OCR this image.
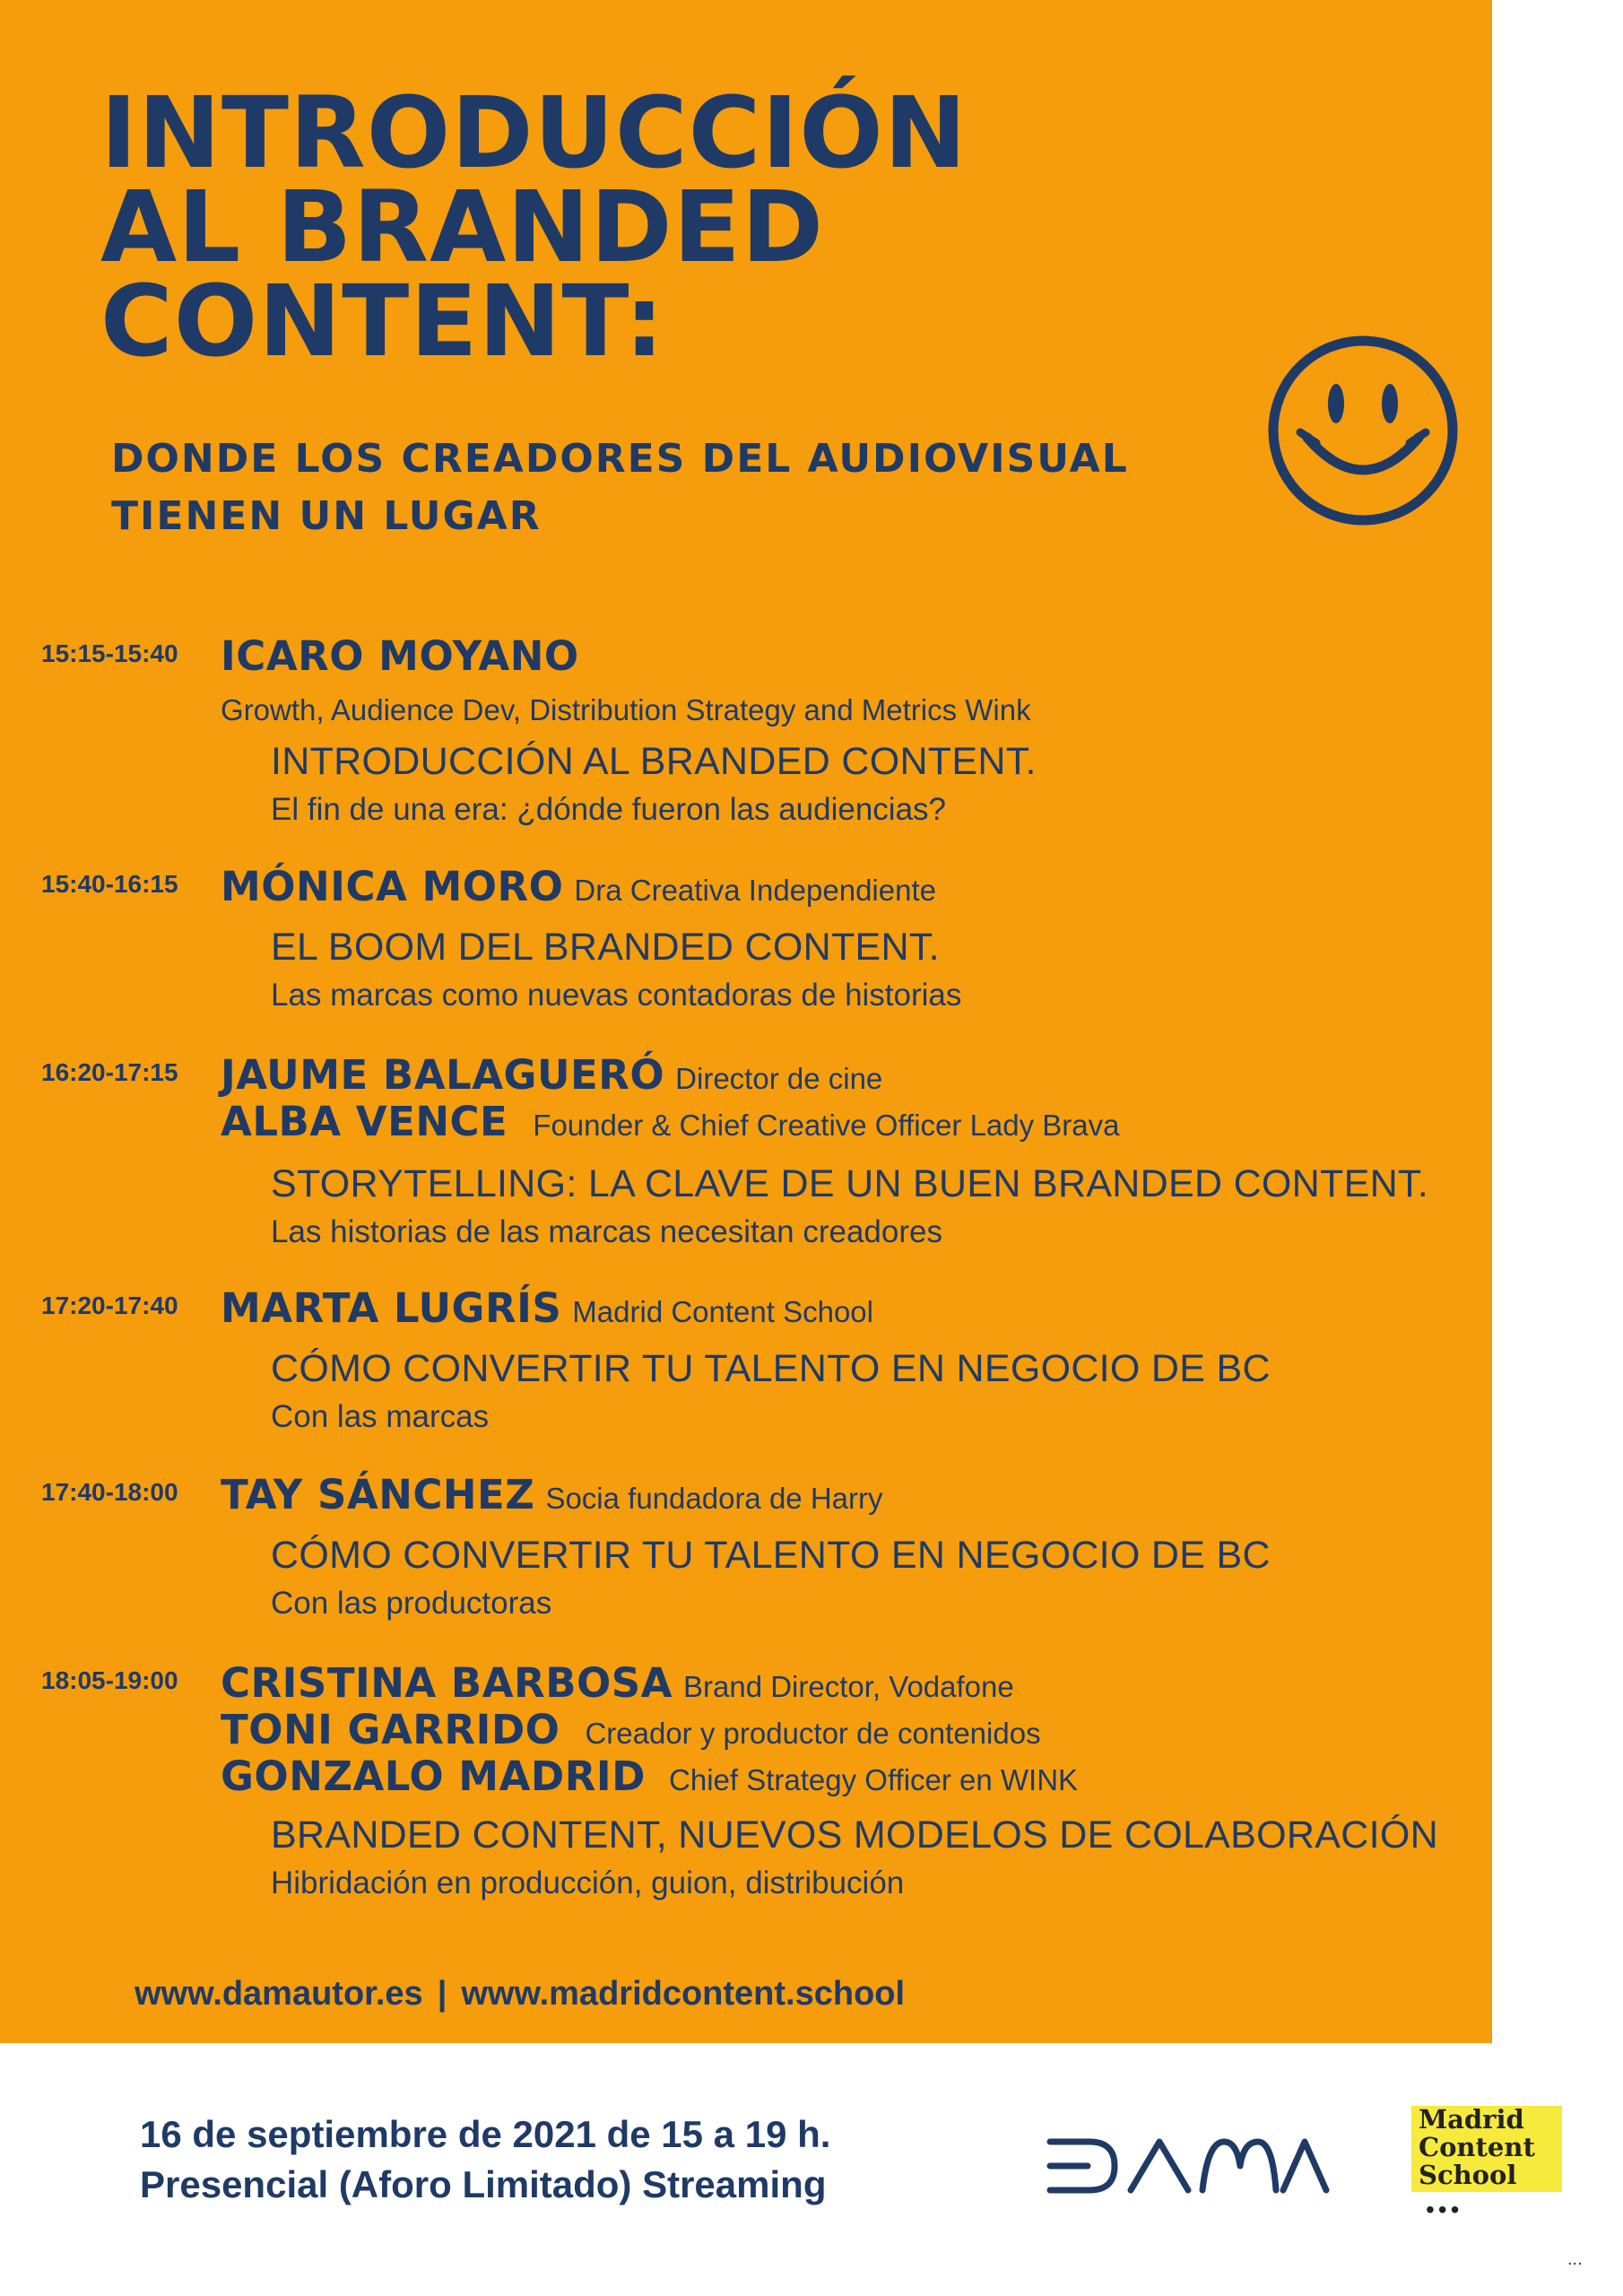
INTRODUCCIÓN
AL BRANDED
CONTENT:

DONDE LOS CREADORES DEL AUDIOVISUAL
TIENEN UN LUGAR

15:15-15:40 ICARO MOYANO
Growth, Audience Dev, Distribution Strategy and Metrics Wink
INTRODUCCIÓN AL BRANDED CONTENT.
El fin de una era: ¿dónde fueron las audiencias?
15:40-16:15 MÓNICA MORO Dra Creativa Independiente
EL BOOM DEL BRANDED CONTENT.
Las marcas como nuevas contadoras de historias
16:20-17:15 JAUME BALAGUERÓ Director de cine
ALBA VENCE Founder & Chief Creative Officer Lady Brava
STORYTELLING: LA CLAVE DE UN BUEN BRANDED CONTENT.
Las historias de las marcas necesitan creadores
17:20-17:40 MARTA LUGRÍS Madrid Content School
CÓMO CONVERTIR TU TALENTO EN NEGOCIO DE BC
Con las marcas
17:40-18:00 TAY SÁNCHEZ Socia fundadora de Harry
CÓMO CONVERTIR TU TALENTO EN NEGOCIO DE BC
Con las productoras
18:05-19:00 CRISTINA BARBOSA Brand Director, Vodafone
TONI GARRIDO Creador y productor de contenidos
GONZALO MADRID Chief Strategy Officer en WINK
BRANDED CONTENT, NUEVOS MODELOS DE COLABORACIÓN
Hibridación en producción, guion, distribución
www.damautor.es | www.madridcontent.school
16 de septiembre de 2021 de 15 a 19 h.
Presencial (Aforo Limitado) Streaming
Madrid
Content
School
•••
...
